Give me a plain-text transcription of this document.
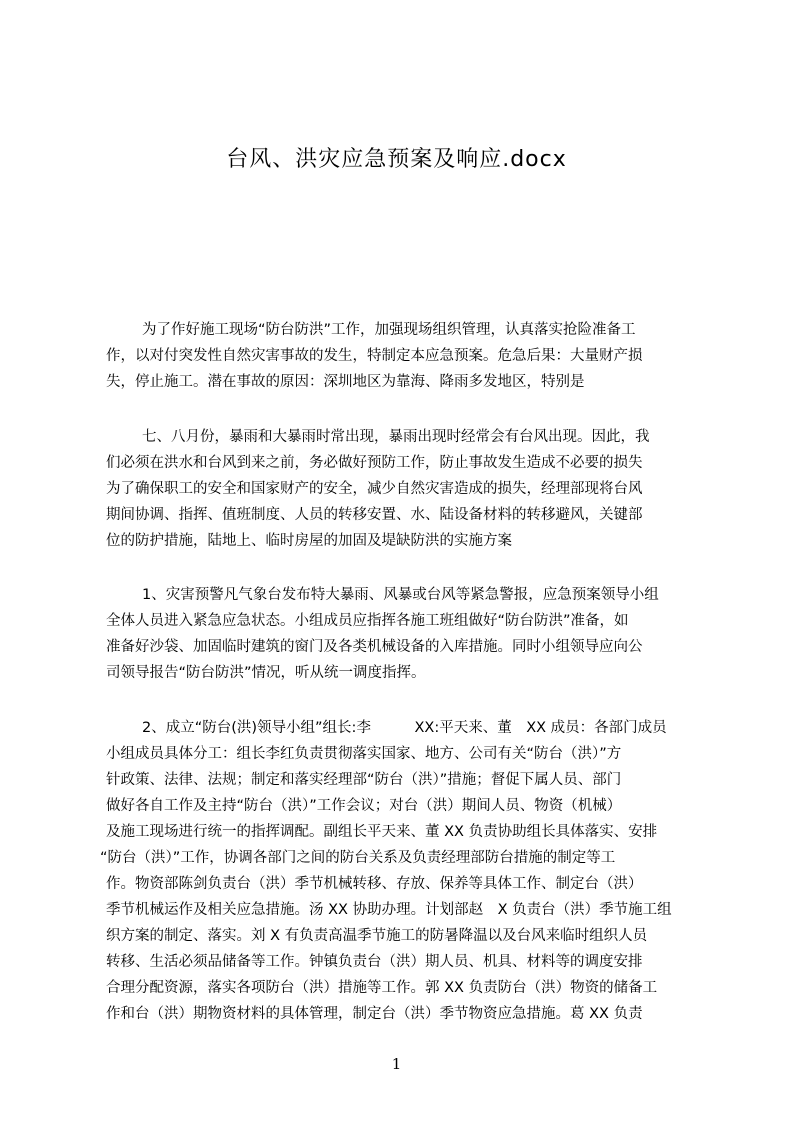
台风、洪灾应急预案及响应.docx
为了作好施工现场“防台防洪”工作，加强现场组织管理，认真落实抢险准备工
作，以对付突发性自然灾害事故的发生，特制定本应急预案。危急后果：大量财产损
失，停止施工。潜在事故的原因：深圳地区为靠海、降雨多发地区，特别是
七、八月份，暴雨和大暴雨时常出现，暴雨出现时经常会有台风出现。因此，我
们必须在洪水和台风到来之前，务必做好预防工作，防止事故发生造成不必要的损失
为了确保职工的安全和国家财产的安全，减少自然灾害造成的损失，经理部现将台风
期间协调、指挥、值班制度、人员的转移安置、水、陆设备材料的转移避风，关键部
位的防护措施，陆地上、临时房屋的加固及堤缺防洪的实施方案
1、灾害预警凡气象台发布特大暴雨、风暴或台风等紧急警报，应急预案领导小组
全体人员进入紧急应急状态。小组成员应指挥各施工班组做好“防台防洪”准备，如
准备好沙袋、加固临时建筑的窗门及各类机械设备的入库措施。同时小组领导应向公
司领导报告“防台防洪”情况，听从统一调度指挥。
2、成立“防台(洪)领导小组”组长:李　　　XX:平天来、董　XX 成员：各部门成员
小组成员具体分工：组长李红负责贯彻落实国家、地方、公司有关“防台（洪）”方
针政策、法律、法规；制定和落实经理部“防台（洪）”措施；督促下属人员、部门
做好各自工作及主持“防台（洪）”工作会议；对台（洪）期间人员、物资（机械）
及施工现场进行统一的指挥调配。副组长平天来、董 XX 负责协助组长具体落实、安排
“防台（洪）”工作，协调各部门之间的防台关系及负责经理部防台措施的制定等工
作。物资部陈剑负责台（洪）季节机械转移、存放、保养等具体工作、制定台（洪）
季节机械运作及相关应急措施。汤 XX 协助办理。计划部赵　X 负责台（洪）季节施工组
织方案的制定、落实。刘 X 有负责高温季节施工的防暑降温以及台风来临时组织人员
转移、生活必须品储备等工作。钟镇负责台（洪）期人员、机具、材料等的调度安排
合理分配资源，落实各项防台（洪）措施等工作。郭 XX 负责防台（洪）物资的储备工
作和台（洪）期物资材料的具体管理，制定台（洪）季节物资应急措施。葛 XX 负责
1
